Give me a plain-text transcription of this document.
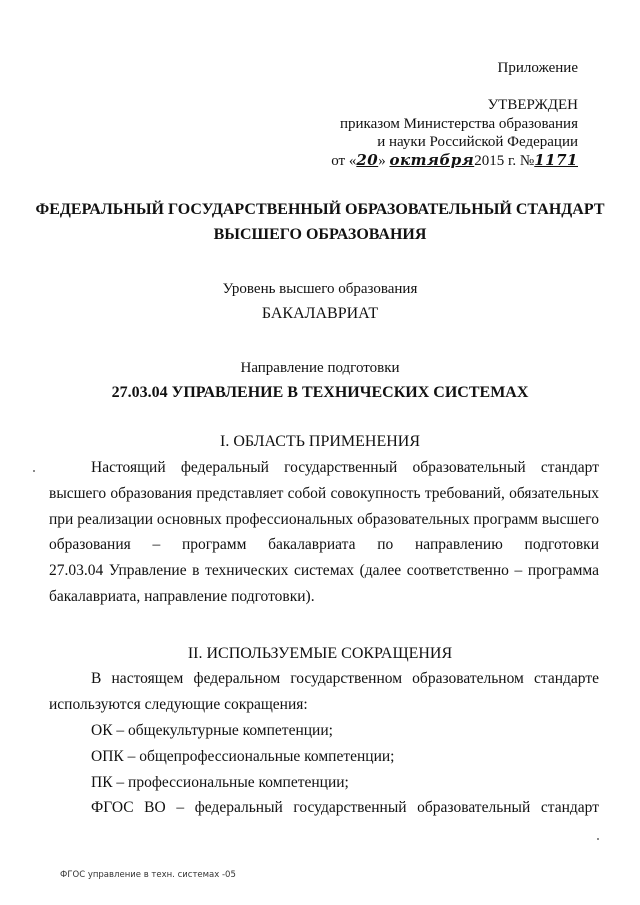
Приложение
УТВЕРЖДЕН
приказом Министерства образования
и науки Российской Федерации
от «20» октября2015 г. №1171
ФЕДЕРАЛЬНЫЙ ГОСУДАРСТВЕННЫЙ ОБРАЗОВАТЕЛЬНЫЙ СТАНДАРТ
ВЫСШЕГО ОБРАЗОВАНИЯ
Уровень высшего образования
БАКАЛАВРИАТ
Направление подготовки
27.03.04 УПРАВЛЕНИЕ В ТЕХНИЧЕСКИХ СИСТЕМАХ
I. ОБЛАСТЬ ПРИМЕНЕНИЯ
Настоящий федеральный государственный образовательный стандарт
высшего образования представляет собой совокупность требований, обязательных
при реализации основных профессиональных образовательных программ высшего
образования – программ бакалавриата по направлению подготовки
27.03.04 Управление в технических системах (далее соответственно – программа
бакалавриата, направление подготовки).
II. ИСПОЛЬЗУЕМЫЕ СОКРАЩЕНИЯ
В настоящем федеральном государственном образовательном стандарте
используются следующие сокращения:
ОК – общекультурные компетенции;
ОПК – общепрофессиональные компетенции;
ПК – профессиональные компетенции;
ФГОС ВО – федеральный государственный образовательный стандарт
ФГОС управление в техн. системах -05
